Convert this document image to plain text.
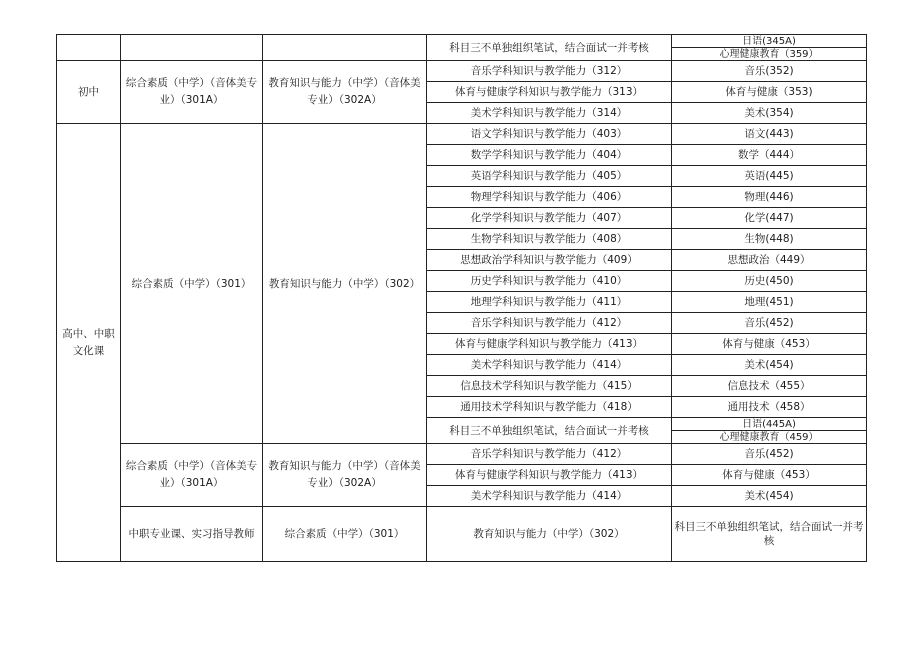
			科目三不单独组织笔试，结合面试一并考核	日语(345A)	
				心理健康教育（359）	
初中	综合素质（中学）（音体美专业）（301A）	教育知识与能力（中学）（音体美专业）（302A）	音乐学科知识与教学能力（312）	音乐(352)	
			体育与健康学科知识与教学能力（313）	体育与健康（353)	
			美术学科知识与教学能力（314）	美术(354)	
高中、中职文化课	综合素质（中学）（301）	教育知识与能力（中学）（302）	语文学科知识与教学能力（403）	语文(443)	
			数学学科知识与教学能力（404）	数学（444）	
			英语学科知识与教学能力（405）	英语(445)	
			物理学科知识与教学能力（406）	物理(446)	
			化学学科知识与教学能力（407）	化学(447)	
			生物学科知识与教学能力（408）	生物(448)	
			思想政治学科知识与教学能力（409）	思想政治（449）	
			历史学科知识与教学能力（410）	历史(450)	
			地理学科知识与教学能力（411）	地理(451)	
			音乐学科知识与教学能力（412）	音乐(452)	
			体育与健康学科知识与教学能力（413）	体育与健康（453）	
			美术学科知识与教学能力（414）	美术(454)	
			信息技术学科知识与教学能力（415）	信息技术（455）	
			通用技术学科知识与教学能力（418）	通用技术（458）	
			科目三不单独组织笔试，结合面试一并考核	日语(445A)	
				心理健康教育（459）	
	综合素质（中学）（音体美专业）（301A）	教育知识与能力（中学）（音体美专业）（302A）	音乐学科知识与教学能力（412）	音乐(452)	
			体育与健康学科知识与教学能力（413）	体育与健康（453）	
			美术学科知识与教学能力（414）	美术(454)	
	中职专业课、实习指导教师	综合素质（中学）（301）	教育知识与能力（中学）（302）	科目三不单独组织笔试，结合面试一并考核	
